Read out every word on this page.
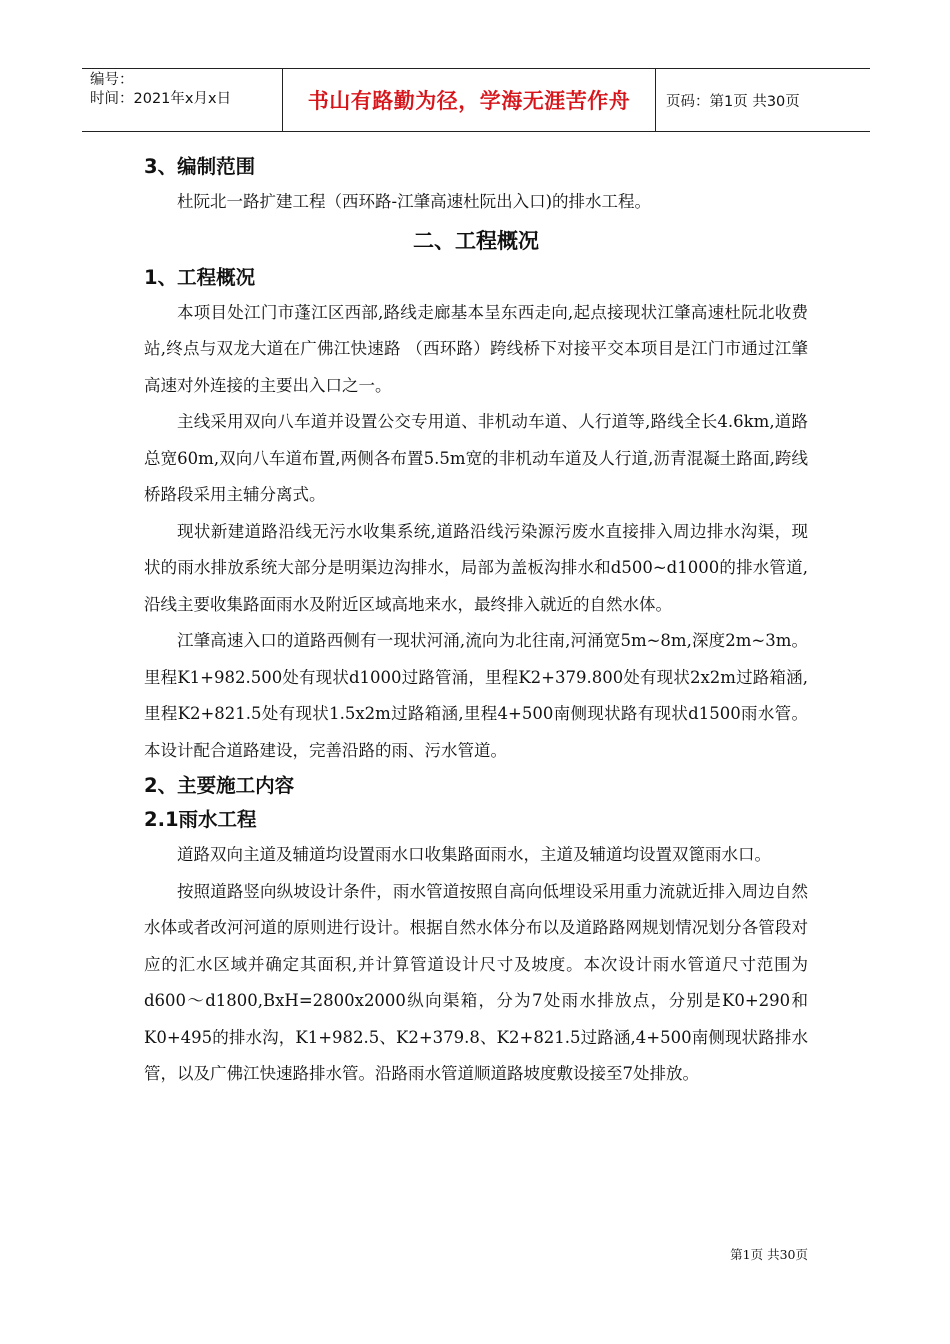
编号：
时间：2021年x月x日	书山有路勤为径，学海无涯苦作舟	页码：第1页 共30页
3、编制范围

杜阮北一路扩建工程（西环路-江肇高速杜阮出入口)的排水工程。

二、工程概况
1、工程概况

本项目处江门市蓬江区西部,路线走廊基本呈东西走向,起点接现状江肇高速杜阮北收费站,终点与双龙大道在广佛江快速路 （西环路）跨线桥下对接平交本项目是江门市通过江肇高速对外连接的主要出入口之一。

主线采用双向八车道并设置公交专用道、非机动车道、人行道等,路线全长4.6km,道路总宽60m,双向八车道布置,两侧各布置5.5m宽的非机动车道及人行道,沥青混凝土路面,跨线桥路段采用主辅分离式。

现状新建道路沿线无污水收集系统,道路沿线污染源污废水直接排入周边排水沟渠，现状的雨水排放系统大部分是明渠边沟排水，局部为盖板沟排水和d500~d1000的排水管道,沿线主要收集路面雨水及附近区域高地来水，最终排入就近的自然水体。

江肇高速入口的道路西侧有一现状河涌,流向为北往南,河涌宽5m~8m,深度2m~3m。里程K1+982.500处有现状d1000过路管涌，里程K2+379.800处有现状2x2m过路箱涵,里程K2+821.5处有现状1.5x2m过路箱涵,里程4+500南侧现状路有现状d1500雨水管。本设计配合道路建设，完善沿路的雨、污水管道。

2、主要施工内容
2.1雨水工程

道路双向主道及辅道均设置雨水口收集路面雨水，主道及辅道均设置双篦雨水口。

按照道路竖向纵坡设计条件，雨水管道按照自高向低埋设采用重力流就近排入周边自然水体或者改河河道的原则进行设计。根据自然水体分布以及道路路网规划情况划分各管段对应的汇水区域并确定其面积,并计算管道设计尺寸及坡度。本次设计雨水管道尺寸范围为d600～d1800,BxH=2800x2000纵向渠箱，分为7处雨水排放点，分别是K0+290和K0+495的排水沟，K1+982.5、K2+379.8、K2+821.5过路涵,4+500南侧现状路排水管，以及广佛江快速路排水管。沿路雨水管道顺道路坡度敷设接至7处排放。

第1页 共30页
